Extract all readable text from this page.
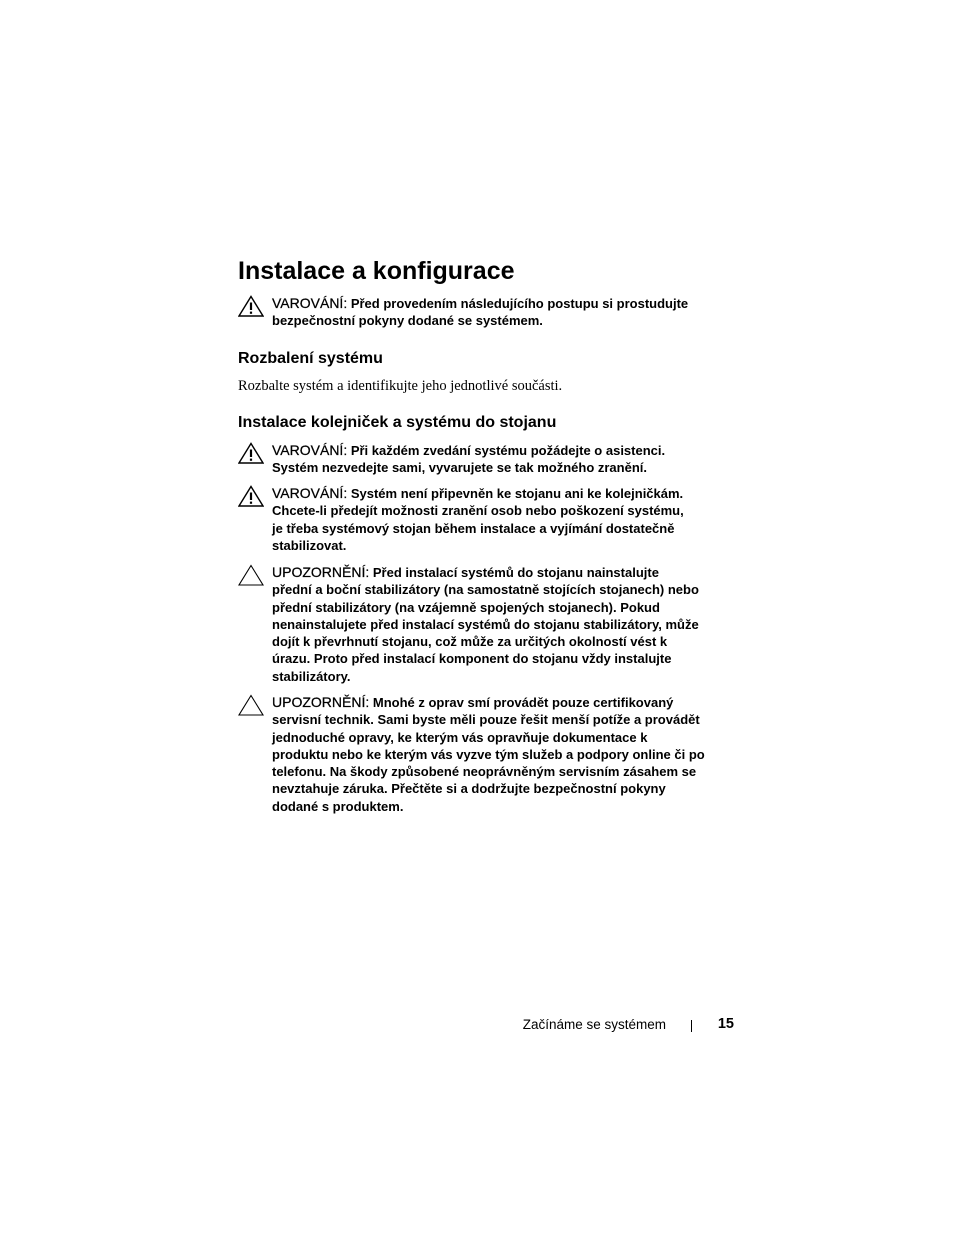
Instalace a konfigurace
VAROVÁNÍ: Před provedením následujícího postupu si prostudujte
bezpečnostní pokyny dodané se systémem.
Rozbalení systému

Rozbalte systém a identifikujte jeho jednotlivé součásti.

Instalace kolejniček a systému do stojanu
VAROVÁNÍ: Při každém zvedání systému požádejte o asistenci.
Systém nezvedejte sami, vyvarujete se tak možného zranění.
VAROVÁNÍ: Systém není připevněn ke stojanu ani ke kolejničkám.
Chcete-li předejít možnosti zranění osob nebo poškození systému,
je třeba systémový stojan během instalace a vyjímání dostatečně
stabilizovat.
UPOZORNĚNÍ: Před instalací systémů do stojanu nainstalujte
přední a boční stabilizátory (na samostatně stojících stojanech) nebo
přední stabilizátory (na vzájemně spojených stojanech). Pokud
nenainstalujete před instalací systémů do stojanu stabilizátory, může
dojít k převrhnutí stojanu, což může za určitých okolností vést k
úrazu. Proto před instalací komponent do stojanu vždy instalujte
stabilizátory.
UPOZORNĚNÍ: Mnohé z oprav smí provádět pouze certifikovaný
servisní technik. Sami byste měli pouze řešit menší potíže a provádět
jednoduché opravy, ke kterým vás opravňuje dokumentace k
produktu nebo ke kterým vás vyzve tým služeb a podpory online či po
telefonu. Na škody způsobené neoprávněným servisním zásahem se
nevztahuje záruka. Přečtěte si a dodržujte bezpečnostní pokyny
dodané s produktem.
Začínáme se systémem	15
